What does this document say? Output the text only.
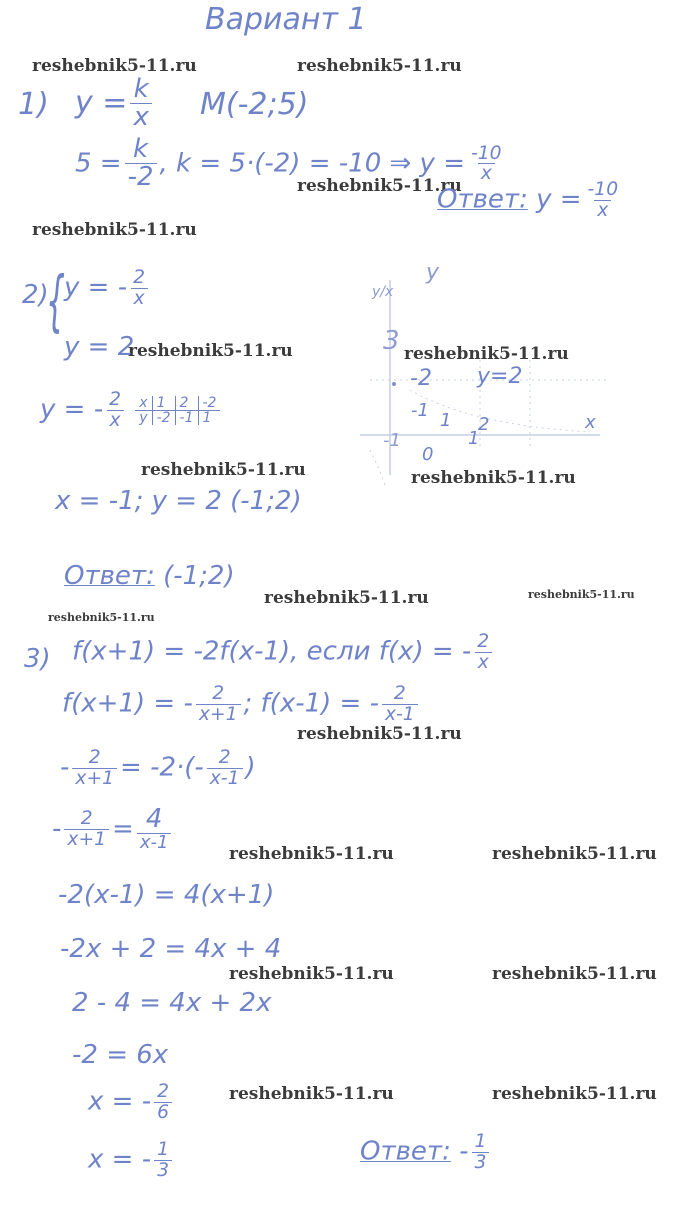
Вариант 1
reshebnik5-11.ru	reshebnik5-11.ru
reshebnik5-11.ru
reshebnik5-11.ru
reshebnik5-11.ru	reshebnik5-11.ru
reshebnik5-11.ru	reshebnik5-11.ru
reshebnik5-11.ru	reshebnik5-11.ru
reshebnik5-11.ru
reshebnik5-11.ru
reshebnik5-11.ru	reshebnik5-11.ru
reshebnik5-11.ru	reshebnik5-11.ru
reshebnik5-11.ru	reshebnik5-11.ru
1) $y = \frac{k}{x}$ M(-2;5)
$5 = \frac{k}{-2}$ , k = 5·(-2) = -10 ⇒ $y = \frac{-10}{x}$
Ответ: $y = \frac{-10}{x}$
2)
{
y = - $\frac{2}{x}$
y = 2
y = - $\frac{2}{x}$ x	1	2	-2
y	-2	-1	1
y/x
y
3
-2 y=2
-1 1 2
1
x
-1
0
x = -1; y = 2 (-1;2)
Ответ: (-1;2)
3) f(x+1) = -2f(x-1), если f(x) = - $\frac{2}{x}$
f(x+1) = - $\frac{2}{x+1}$ ; f(x-1) = - $\frac{2}{x-1}$
- $\frac{2}{x+1} = -2\cdot(- \frac{2}{x-1}$ )
- $\frac{2}{x+1} = \frac{4}{x-1}$
-2(x-1) = 4(x+1)
-2x + 2 = 4x + 4
2 - 4 = 4x + 2x
-2 = 6x
x = - $\frac{2}{6}$
x = - $\frac{1}{3}$	Ответ: - $\frac{1}{3}$
